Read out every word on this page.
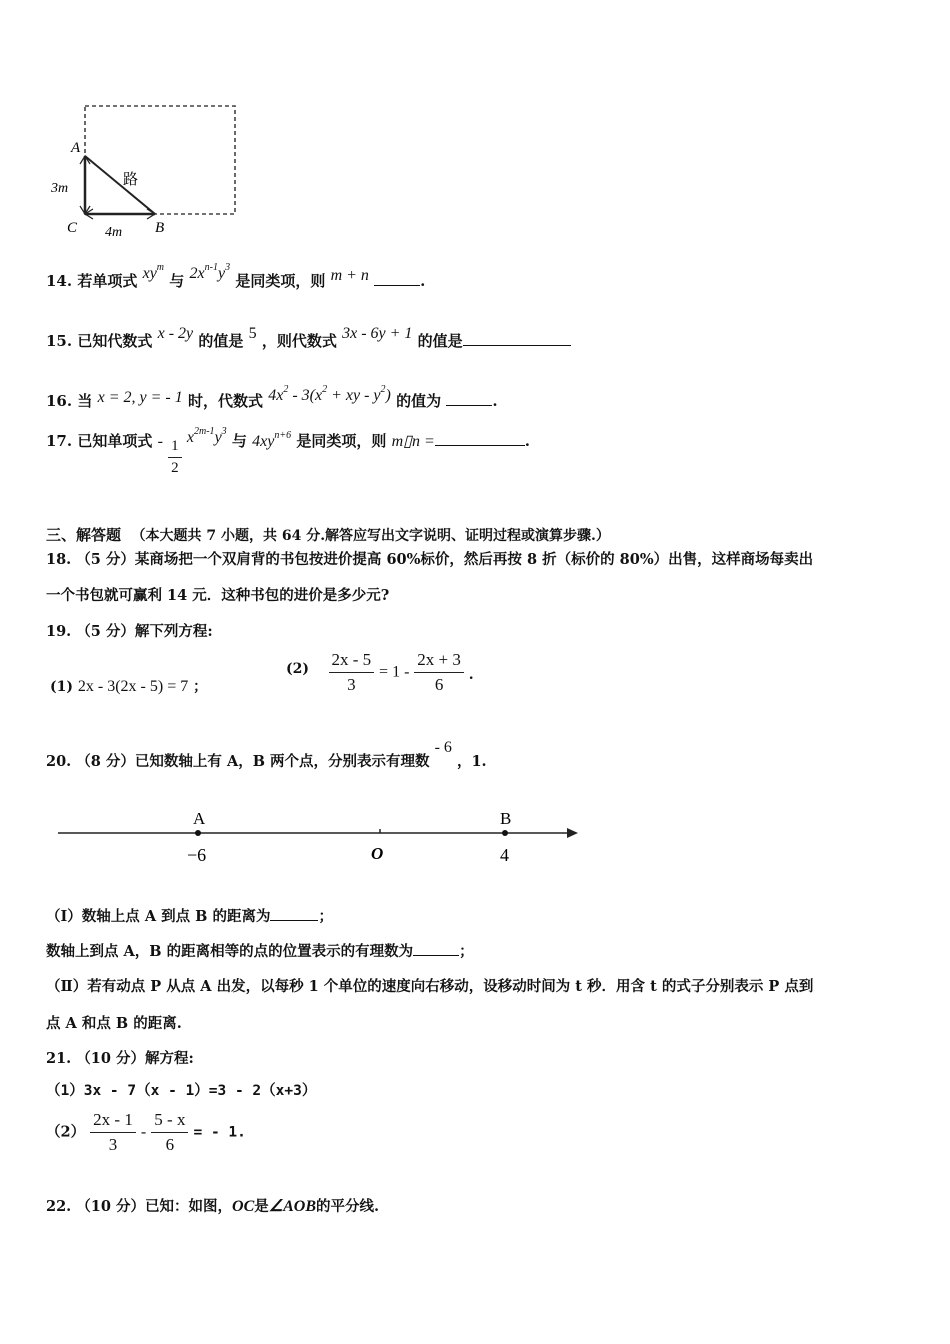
A
C	B
3m
4m
路
14. 若单项式 $xy^m$ 与 $2x^{n-1}y^3$ 是同类项，则 m + n	.
15. 已知代数式 x - 2y 的值是 5 ，则代数式 3x - 6y + 1 的值是
16. 当 x = 2, y = - 1 时，代数式 $4x^2 - 3(x^2$ + xy - $y^2$) 的值为	.
17. 已知单项式 - $\frac{1}{2}$
$x^{2m-1}y^3$ 与 $4xy^{n+6}$ 是同类项，则 m▯n =	.
三、解答题 （本大题共 7 小题，共 64 分.解答应写出文字说明、证明过程或演算步骤.）
18. （5 分）某商场把一个双肩背的书包按进价提高 60%标价，然后再按 8 折（标价的 80%）出售，这样商场每卖出
一个书包就可赢利 14 元．这种书包的进价是多少元?
19. （5 分）解下列方程:
(1) 2x - 3(2x - 5) = 7 ；
$(2) \frac{2x - 5}{3} = 1 - \frac{2x + 3}{6}$ .
20. （8 分）已知数轴上有 A，B 两个点，分别表示有理数 - 6 ，1.
A	B
−6	O	4
（Ⅰ）数轴上点 A 到点 B 的距离为	；
数轴上到点 A，B 的距离相等的点的位置表示的有理数为	；
（Ⅱ）若有动点 P 从点 A 出发，以每秒 1 个单位的速度向右移动，设移动时间为 t 秒．用含 t 的式子分别表示 P 点到
点 A 和点 B 的距离.
21. （10 分）解方程:
（1）3x - 7（x - 1）=3 - 2（x+3）
$(2) \frac{2x - 1}{3} - \frac{5 - x}{6}$ = - 1.
22. （10 分）已知：如图，OC是∠AOB的平分线.
